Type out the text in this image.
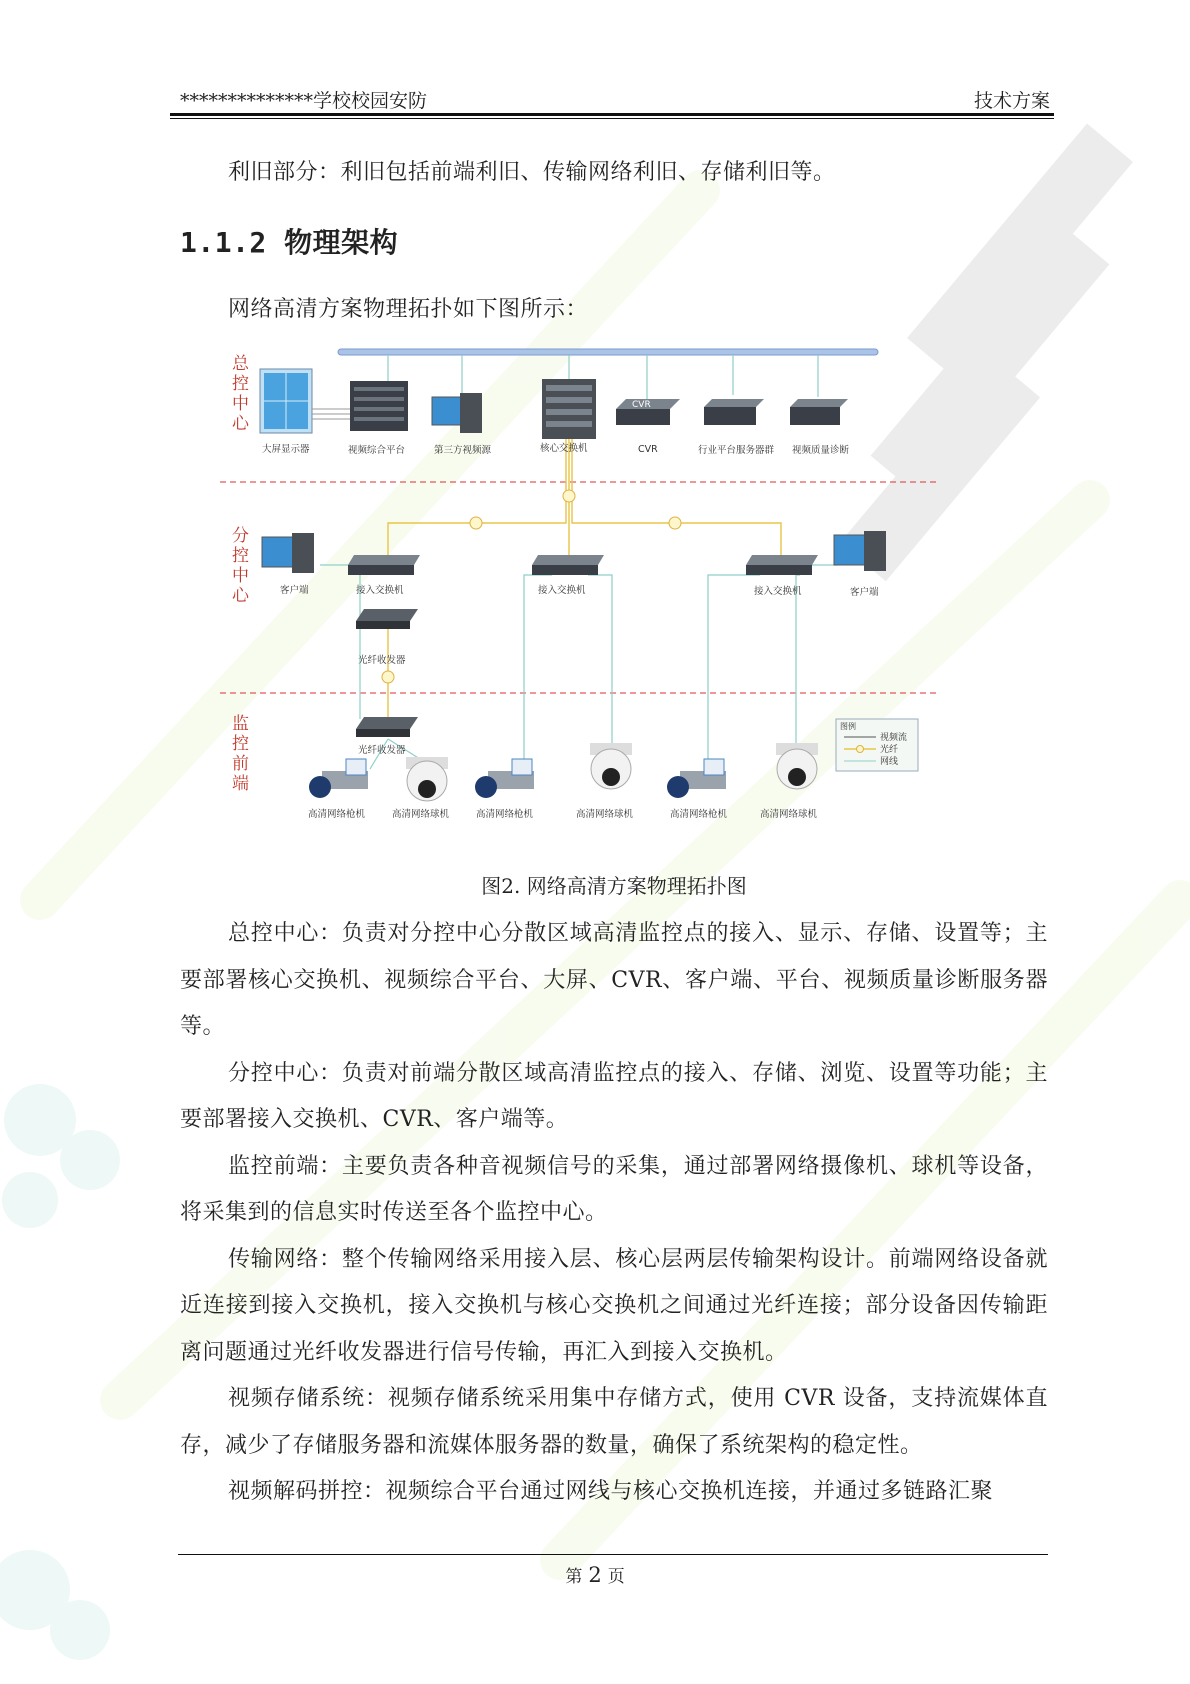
**************学校校园安防	技术方案

利旧部分：利旧包括前端利旧、传输网络利旧、存储利旧等。

1.1.2 物理架构

网络高清方案物理拓扑如下图所示：

总控中心
分控中心
监控前端
CVR
大屏显示器	视频综合平台	第三方视频源	核心交换机	CVR	行业平台服务器群 视频质量诊断
客户端	接入交换机	接入交换机	接入交换机	客户端
光纤收发器
光纤收发器
高清网络枪机	高清网络球机	高清网络枪机	高清网络球机	高清网络枪机	高清网络球机
图例
视频流
光纤
网线

图2. 网络高清方案物理拓扑图

总控中心：负责对分控中心分散区域高清监控点的接入、显示、存储、设置等；主要部署核心交换机、视频综合平台、大屏、CVR、客户端、平台、视频质量诊断服务器等。

分控中心：负责对前端分散区域高清监控点的接入、存储、浏览、设置等功能；主要部署接入交换机、CVR、客户端等。

监控前端：主要负责各种音视频信号的采集，通过部署网络摄像机、球机等设备，将采集到的信息实时传送至各个监控中心。

传输网络：整个传输网络采用接入层、核心层两层传输架构设计。前端网络设备就近连接到接入交换机，接入交换机与核心交换机之间通过光纤连接；部分设备因传输距离问题通过光纤收发器进行信号传输，再汇入到接入交换机。

视频存储系统：视频存储系统采用集中存储方式，使用 CVR 设备，支持流媒体直存，减少了存储服务器和流媒体服务器的数量，确保了系统架构的稳定性。

视频解码拼控：视频综合平台通过网线与核心交换机连接，并通过多链路汇聚

第 2 页
